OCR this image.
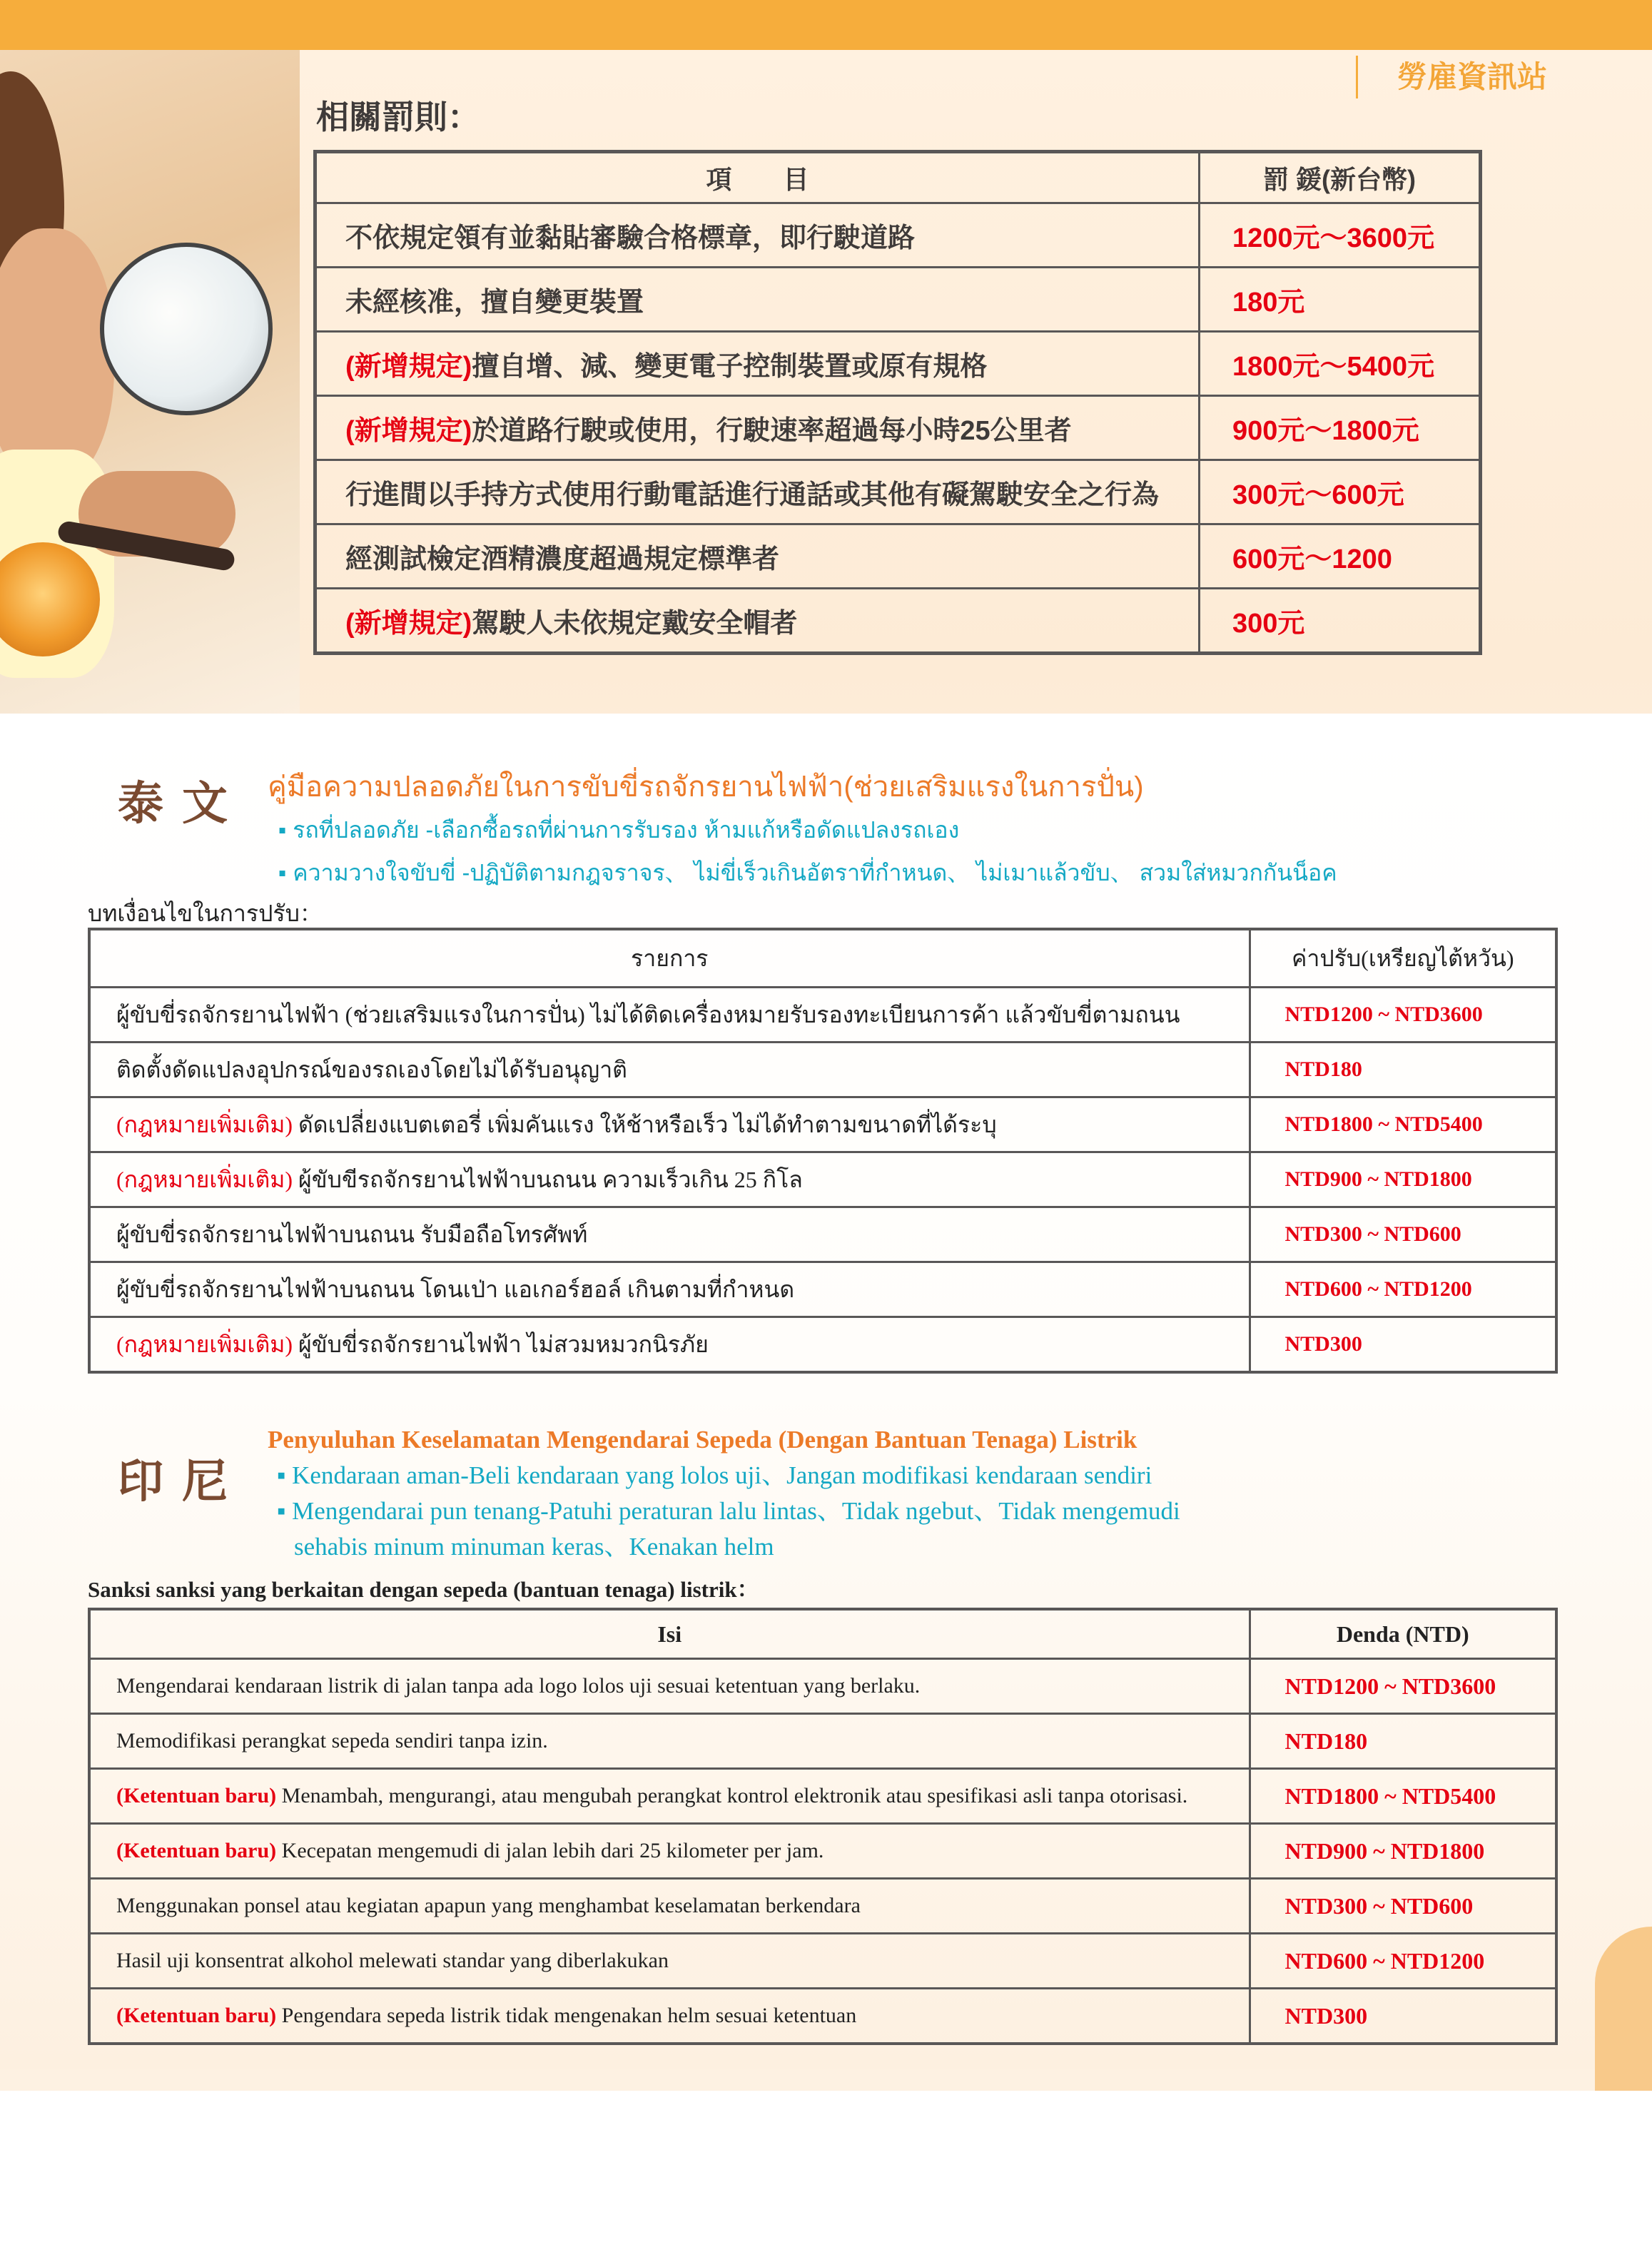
勞雇資訊站
相關罰則：
項　　目	罰 鍰(新台幣)
不依規定領有並黏貼審驗合格標章，即行駛道路	1200元～3600元
未經核准，擅自變更裝置	180元
(新增規定)擅自增、減、變更電子控制裝置或原有規格	1800元～5400元
(新增規定)於道路行駛或使用，行駛速率超過每小時25公里者	900元～1800元
行進間以手持方式使用行動電話進行通話或其他有礙駕駛安全之行為	300元～600元
經測試檢定酒精濃度超過規定標準者	600元～1200
(新增規定)駕駛人未依規定戴安全帽者	300元
泰文 คู่มือความปลอดภัยในการขับขี่รถจักรยานไฟฟ้า(ช่วยเสริมแรงในการปั่น)
▪ รถที่ปลอดภัย -เลือกซื้อรถที่ผ่านการรับรอง ห้ามแก้หรือดัดแปลงรถเอง
▪ ความวางใจขับขี่ -ปฏิบัติตามกฎจราจร、 ไม่ขี่เร็วเกินอัตราที่กำหนด、 ไม่เมาแล้วขับ、 สวมใส่หมวกกันน็อค
บทเงื่อนไขในการปรับ：
รายการ	ค่าปรับ(เหรียญไต้หวัน)
ผู้ขับขี่รถจักรยานไฟฟ้า (ช่วยเสริมแรงในการปั่น) ไม่ได้ติดเครื่องหมายรับรองทะเบียนการค้า แล้วขับขี่ตามถนน	NTD1200 ~ NTD3600
ติดตั้งดัดแปลงอุปกรณ์ของรถเองโดยไม่ได้รับอนุญาติ	NTD180
(กฎหมายเพิ่มเติม) ดัดเปลี่ยงแบตเตอรี่ เพิ่มคันแรง ให้ช้าหรือเร็ว ไม่ได้ทำตามขนาดที่ได้ระบุ	NTD1800 ~ NTD5400
(กฎหมายเพิ่มเติม) ผู้ขับขีรถจักรยานไฟฟ้าบนถนน ความเร็วเกิน 25 กิโล	NTD900 ~ NTD1800
ผู้ขับขี่รถจักรยานไฟฟ้าบนถนน รับมือถือโทรศัพท์	NTD300 ~ NTD600
ผู้ขับขี่รถจักรยานไฟฟ้าบนถนน โดนเป่า แอเกอร์ฮอล์ เกินตามที่กำหนด	NTD600 ~ NTD1200
(กฎหมายเพิ่มเติม) ผู้ขับขี่รถจักรยานไฟฟ้า ไม่สวมหมวกนิรภัย	NTD300
印尼
Penyuluhan Keselamatan Mengendarai Sepeda (Dengan Bantuan Tenaga) Listrik
▪ Kendaraan aman-Beli kendaraan yang lolos uji、Jangan modifikasi kendaraan sendiri
▪ Mengendarai pun tenang-Patuhi peraturan lalu lintas、Tidak ngebut、Tidak mengemudi
sehabis minum minuman keras、Kenakan helm
Sanksi sanksi yang berkaitan dengan sepeda (bantuan tenaga) listrik：
Isi	Denda (NTD)
Mengendarai kendaraan listrik di jalan tanpa ada logo lolos uji sesuai ketentuan yang berlaku.	NTD1200 ~ NTD3600
Memodifikasi perangkat sepeda sendiri tanpa izin.	NTD180
(Ketentuan baru) Menambah, mengurangi, atau mengubah perangkat kontrol elektronik atau spesifikasi asli tanpa otorisasi.	NTD1800 ~ NTD5400
(Ketentuan baru) Kecepatan mengemudi di jalan lebih dari 25 kilometer per jam.	NTD900 ~ NTD1800
Menggunakan ponsel atau kegiatan apapun yang menghambat keselamatan berkendara	NTD300 ~ NTD600
Hasil uji konsentrat alkohol melewati standar yang diberlakukan	NTD600 ~ NTD1200
(Ketentuan baru) Pengendara sepeda listrik tidak mengenakan helm sesuai ketentuan	NTD300
